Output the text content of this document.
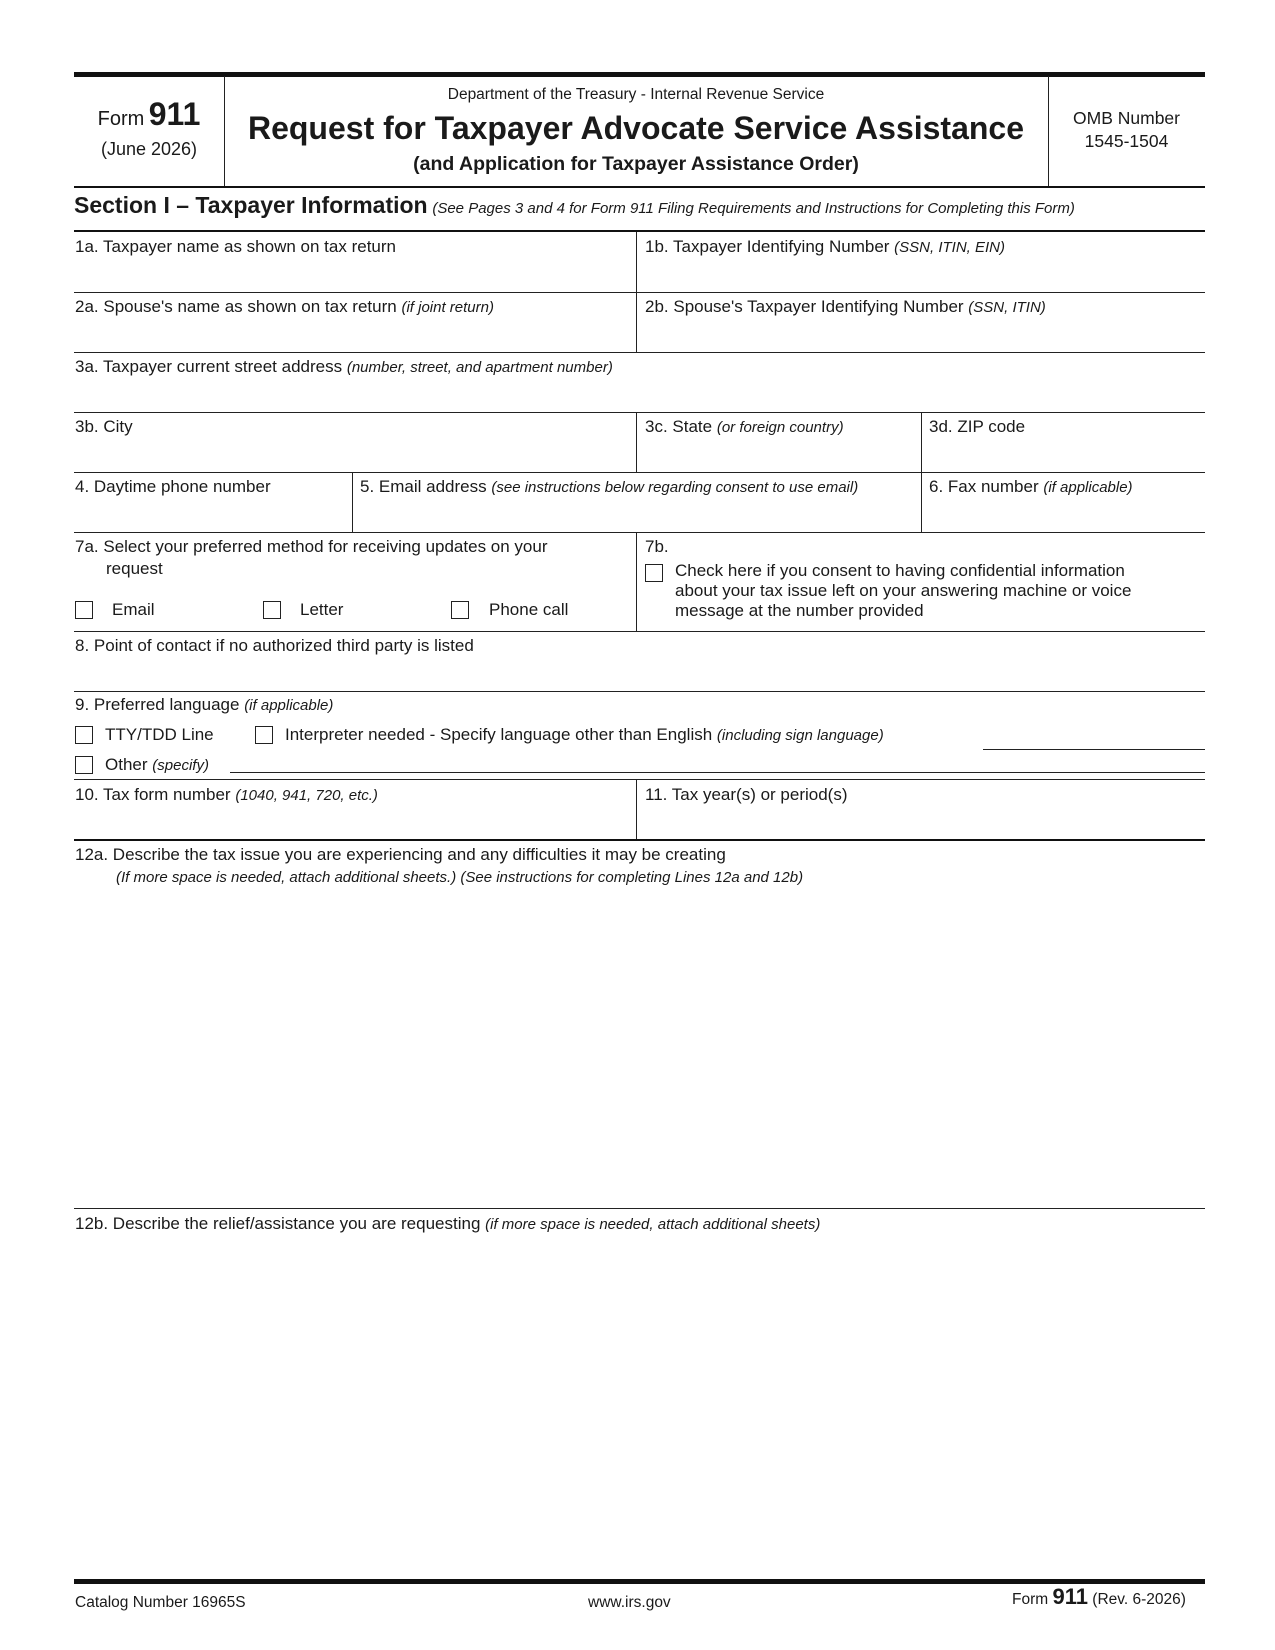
Form 911
(June 2026)
Department of the Treasury - Internal Revenue Service
Request for Taxpayer Advocate Service Assistance
(and Application for Taxpayer Assistance Order)
OMB Number
1545-1504
Section I – Taxpayer Information (See Pages 3 and 4 for Form 911 Filing Requirements and Instructions for Completing this Form)
1a. Taxpayer name as shown on tax return	1b. Taxpayer Identifying Number (SSN, ITIN, EIN)
2a. Spouse's name as shown on tax return (if joint return)	2b. Spouse's Taxpayer Identifying Number (SSN, ITIN)
3a. Taxpayer current street address (number, street, and apartment number)
3b. City	3c. State (or foreign country)	3d. ZIP code
4. Daytime phone number	5. Email address (see instructions below regarding consent to use email)	6. Fax number (if applicable)
7a. Select your preferred method for receiving updates on your
request
Email	Letter	Phone call
7b.
Check here if you consent to having confidential information
about your tax issue left on your answering machine or voice
message at the number provided
8. Point of contact if no authorized third party is listed
9. Preferred language (if applicable)
TTY/TDD Line	Interpreter needed - Specify language other than English (including sign language)
Other (specify)
10. Tax form number (1040, 941, 720, etc.)	11. Tax year(s) or period(s)
12a. Describe the tax issue you are experiencing and any difficulties it may be creating
(If more space is needed, attach additional sheets.) (See instructions for completing Lines 12a and 12b)
12b. Describe the relief/assistance you are requesting (if more space is needed, attach additional sheets)
Catalog Number 16965S	www.irs.gov	Form 911 (Rev. 6-2026)
